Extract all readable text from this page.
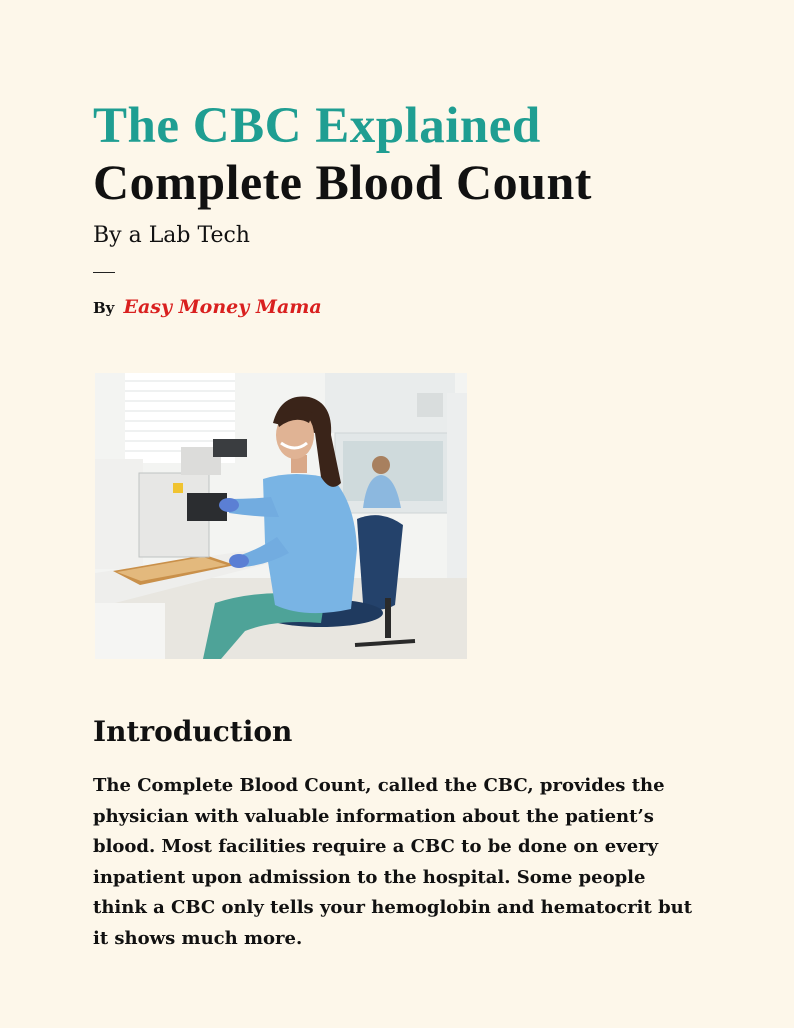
The CBC Explained
Complete Blood Count

By a Lab Tech

By Easy Money Mama
Introduction

The Complete Blood Count, called the CBC, provides the physician with valuable information about the patient’s blood. Most facilities require a CBC to be done on every inpatient upon admission to the hospital. Some people think a CBC only tells your hemoglobin and hematocrit but it shows much more.
